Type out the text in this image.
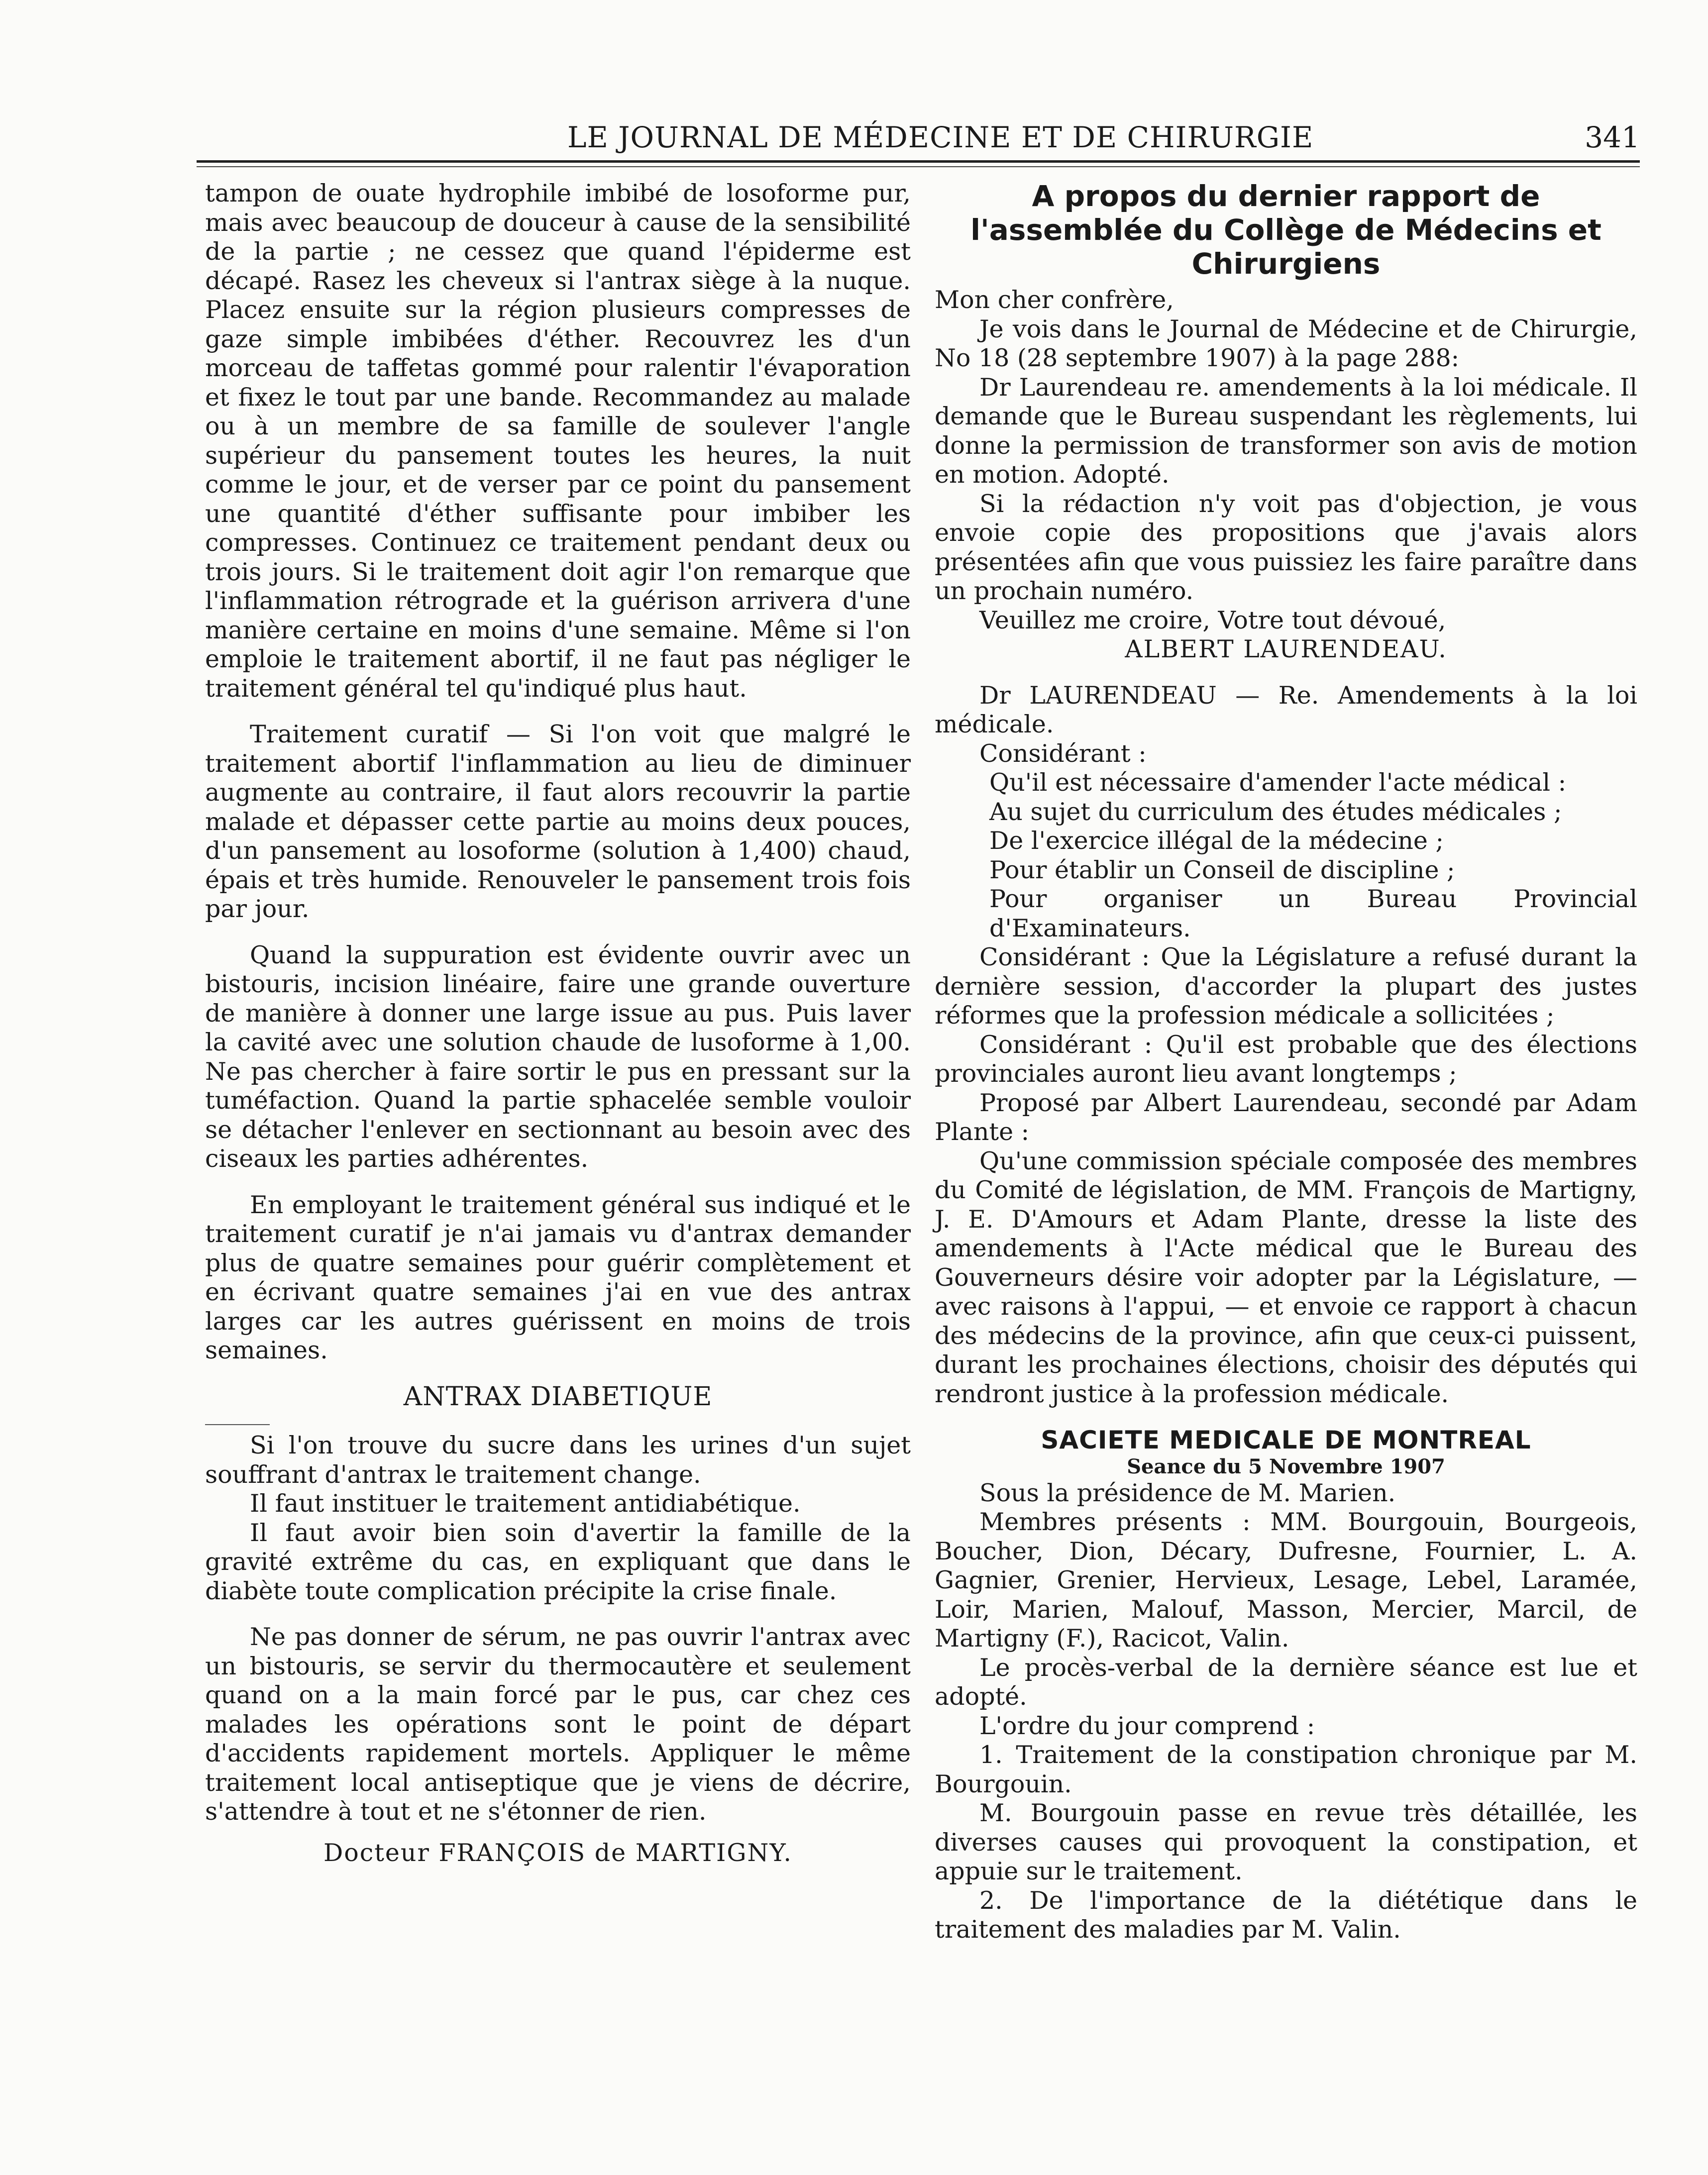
LE JOURNAL DE MÉDECINE ET DE CHIRURGIE	341

tampon de ouate hydrophile imbibé de losoforme pur, mais avec beaucoup de douceur à cause de la sensibilité de la partie ; ne cessez que quand l'épiderme est décapé. Rasez les cheveux si l'antrax siège à la nuque. Placez ensuite sur la région plusieurs compresses de gaze simple imbibées d'éther. Recouvrez les d'un morceau de taffetas gommé pour ralentir l'évaporation et fixez le tout par une bande. Recommandez au malade ou à un membre de sa famille de soulever l'angle supérieur du pansement toutes les heures, la nuit comme le jour, et de verser par ce point du pansement une quantité d'éther suffisante pour imbiber les compresses. Continuez ce traitement pendant deux ou trois jours. Si le traitement doit agir l'on remarque que l'inflammation rétrograde et la guérison arrivera d'une manière certaine en moins d'une semaine. Même si l'on emploie le traitement abortif, il ne faut pas négliger le traitement général tel qu'indiqué plus haut.

Traitement curatif — Si l'on voit que malgré le traitement abortif l'inflammation au lieu de diminuer augmente au contraire, il faut alors recouvrir la partie malade et dépasser cette partie au moins deux pouces, d'un pansement au losoforme (solution à 1,400) chaud, épais et très humide. Renouveler le pansement trois fois par jour.

Quand la suppuration est évidente ouvrir avec un bistouris, incision linéaire, faire une grande ouverture de manière à donner une large issue au pus. Puis laver la cavité avec une solution chaude de lusoforme à 1,00. Ne pas chercher à faire sortir le pus en pressant sur la tuméfaction. Quand la partie sphacelée semble vouloir se détacher l'enlever en sectionnant au besoin avec des ciseaux les parties adhérentes.

En employant le traitement général sus indiqué et le traitement curatif je n'ai jamais vu d'antrax demander plus de quatre semaines pour guérir complètement et en écrivant quatre semaines j'ai en vue des antrax larges car les autres guérissent en moins de trois semaines.

ANTRAX DIABETIQUE

Si l'on trouve du sucre dans les urines d'un sujet souffrant d'antrax le traitement change.

Il faut instituer le traitement antidiabétique.

Il faut avoir bien soin d'avertir la famille de la gravité extrême du cas, en expliquant que dans le diabète toute complication précipite la crise finale.

Ne pas donner de sérum, ne pas ouvrir l'antrax avec un bistouris, se servir du thermocautère et seulement quand on a la main forcé par le pus, car chez ces malades les opérations sont le point de départ d'accidents rapidement mortels. Appliquer le même traitement local antiseptique que je viens de décrire, s'attendre à tout et ne s'étonner de rien.

Docteur FRANÇOIS de MARTIGNY.

A propos du dernier rapport de l'assemblée du Collège de Médecins et Chirurgiens

Mon cher confrère,

Je vois dans le Journal de Médecine et de Chirurgie, No 18 (28 septembre 1907) à la page 288:

Dr Laurendeau re. amendements à la loi médicale. Il demande que le Bureau suspendant les règlements, lui donne la permission de transformer son avis de motion en motion. Adopté.

Si la rédaction n'y voit pas d'objection, je vous envoie copie des propositions que j'avais alors présentées afin que vous puissiez les faire paraître dans un prochain numéro.

Veuillez me croire, Votre tout dévoué,

ALBERT LAURENDEAU.

Dr LAURENDEAU — Re. Amendements à la loi médicale.

Considérant :

Qu'il est nécessaire d'amender l'acte médical :

Au sujet du curriculum des études médicales ;

De l'exercice illégal de la médecine ;

Pour établir un Conseil de discipline ;

Pour organiser un Bureau Provincial d'Examinateurs.

Considérant : Que la Législature a refusé durant la dernière session, d'accorder la plupart des justes réformes que la profession médicale a sollicitées ;

Considérant : Qu'il est probable que des élections provinciales auront lieu avant longtemps ;

Proposé par Albert Laurendeau, secondé par Adam Plante :

Qu'une commission spéciale composée des membres du Comité de législation, de MM. François de Martigny, J. E. D'Amours et Adam Plante, dresse la liste des amendements à l'Acte médical que le Bureau des Gouverneurs désire voir adopter par la Législature, — avec raisons à l'appui, — et envoie ce rapport à chacun des médecins de la province, afin que ceux-ci puissent, durant les prochaines élections, choisir des députés qui rendront justice à la profession médicale.

SACIETE MEDICALE DE MONTREAL

Seance du 5 Novembre 1907

Sous la présidence de M. Marien.

Membres présents : MM. Bourgouin, Bourgeois, Boucher, Dion, Décary, Dufresne, Fournier, L. A. Gagnier, Grenier, Hervieux, Lesage, Lebel, Laramée, Loir, Marien, Malouf, Masson, Mercier, Marcil, de Martigny (F.), Racicot, Valin.

Le procès-verbal de la dernière séance est lue et adopté.

L'ordre du jour comprend :

1. Traitement de la constipation chronique par M. Bourgouin.

M. Bourgouin passe en revue très détaillée, les diverses causes qui provoquent la constipation, et appuie sur le traitement.

2. De l'importance de la diététique dans le traitement des maladies par M. Valin.
